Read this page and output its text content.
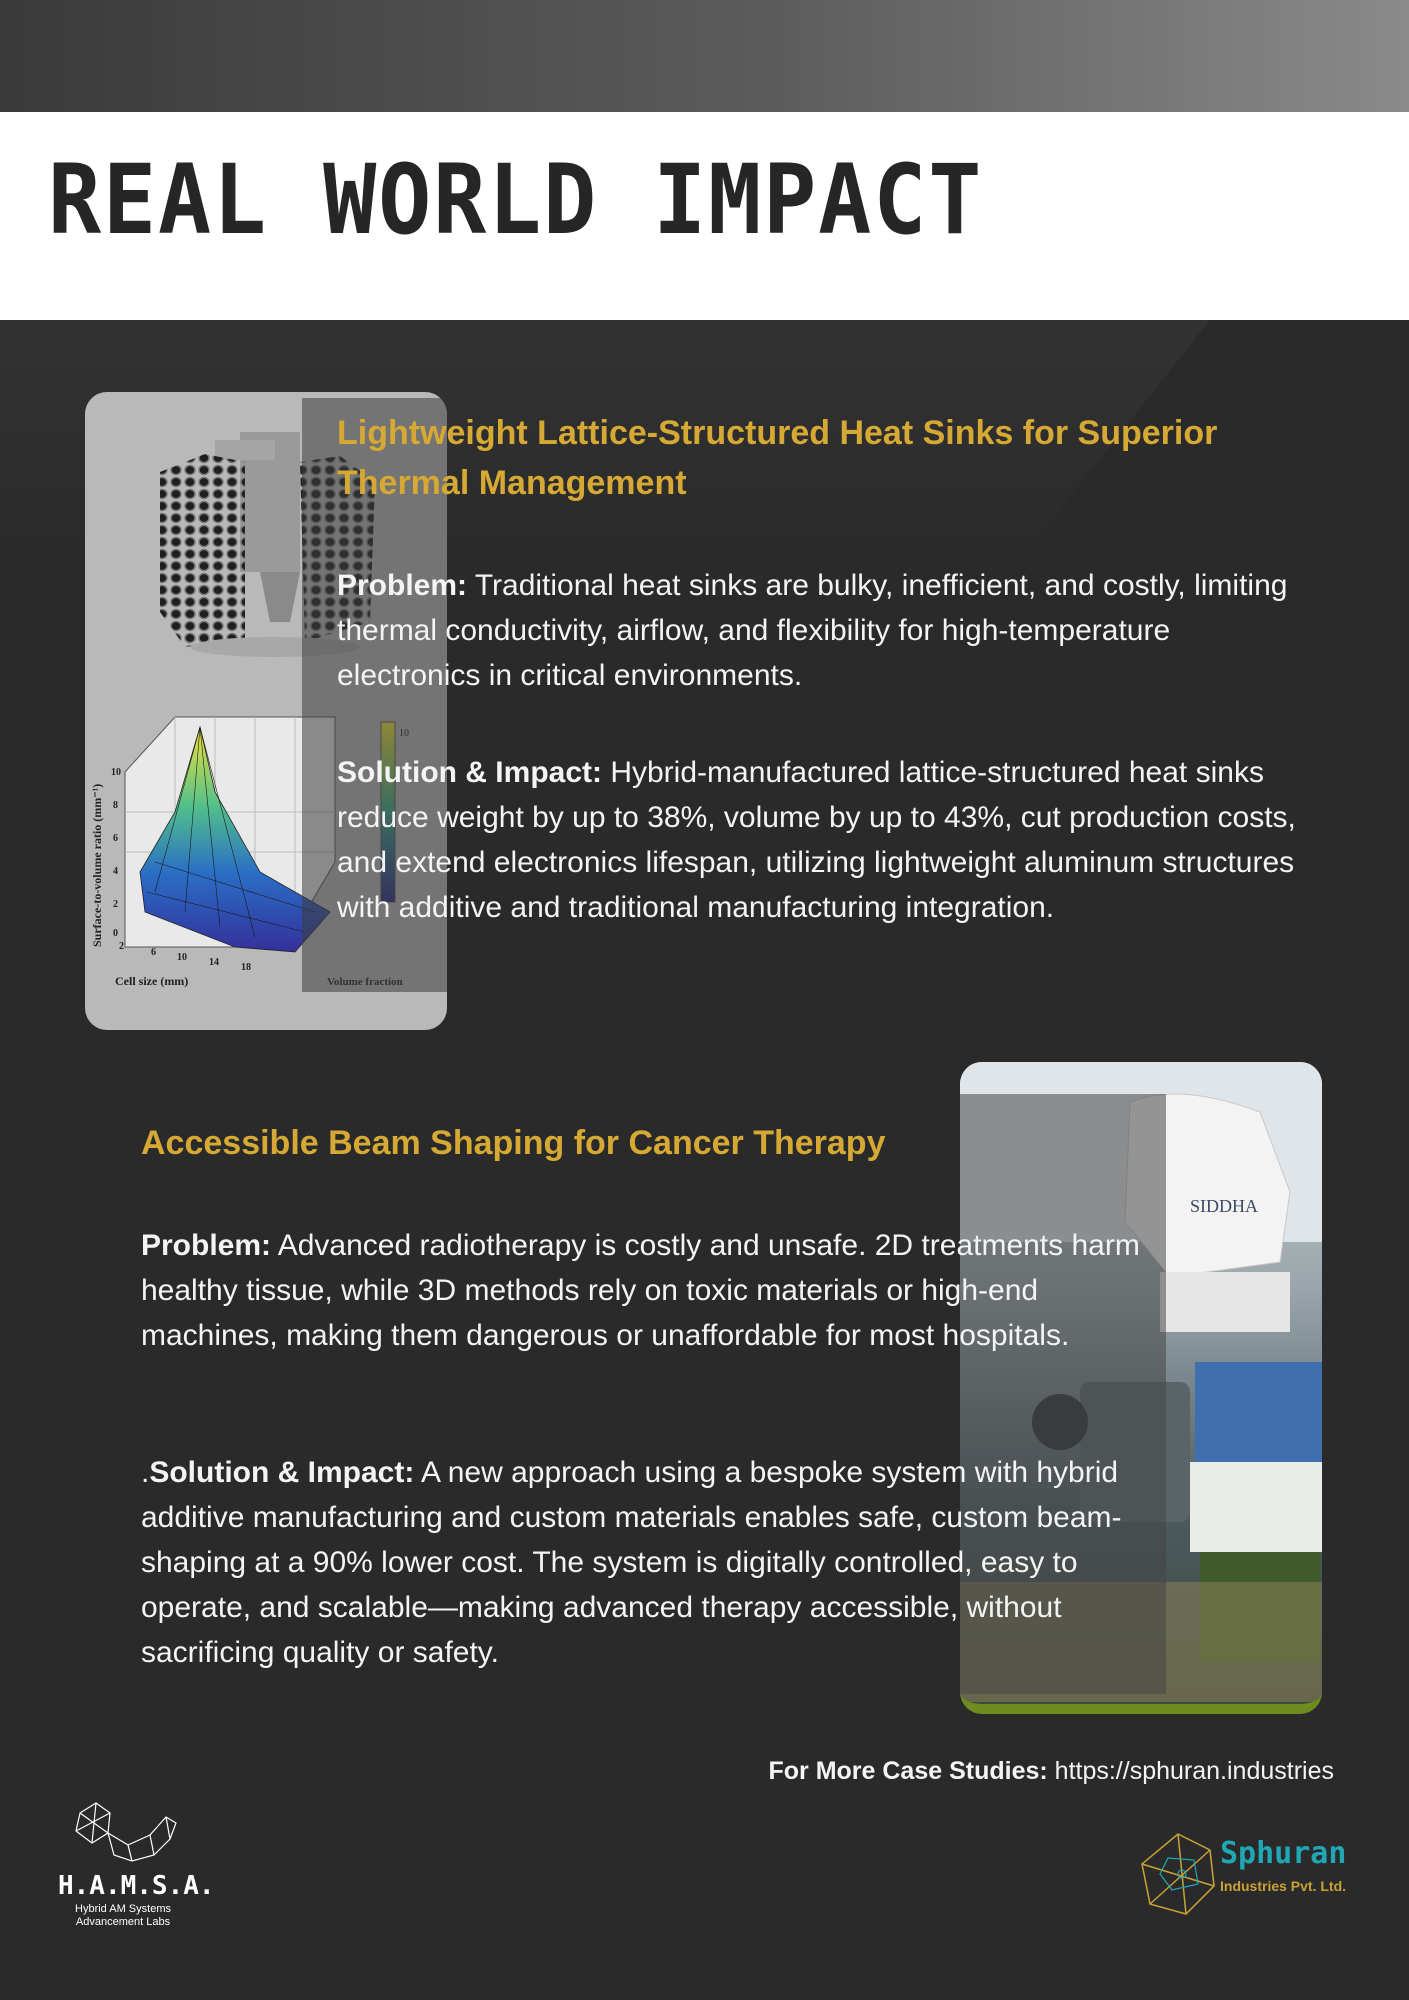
REAL WORLD IMPACT
Surface-to-volume ratio (mm⁻¹)
Cell size (mm)
10
8
6
4
2
0
2
6 10 14 18
Lightweight Lattice-Structured Heat Sinks for Superior
Thermal Management

Problem: Traditional heat sinks are bulky, inefficient, and costly, limiting thermal conductivity, airflow, and flexibility for high-temperature electronics in critical environments.

Solution & Impact: Hybrid-manufactured lattice-structured heat sinks reduce weight by up to 38%, volume by up to 43%, cut production costs, and extend electronics lifespan, utilizing lightweight aluminum structures with additive and traditional manufacturing integration.

SIDDHA
Accessible Beam Shaping for Cancer Therapy

Problem: Advanced radiotherapy is costly and unsafe. 2D treatments harm healthy tissue, while 3D methods rely on toxic materials or high-end machines, making them dangerous or unaffordable for most hospitals.

.Solution & Impact: A new approach using a bespoke system with hybrid additive manufacturing and custom materials enables safe, custom beam-shaping at a 90% lower cost. The system is digitally controlled, easy to operate, and scalable—making advanced therapy accessible, without sacrificing quality or safety.

For More Case Studies: https://sphuran.industries

H.A.M.S.A.
Hybrid AM Systems
Advancement Labs
Sphuran
Industries Pvt. Ltd.
